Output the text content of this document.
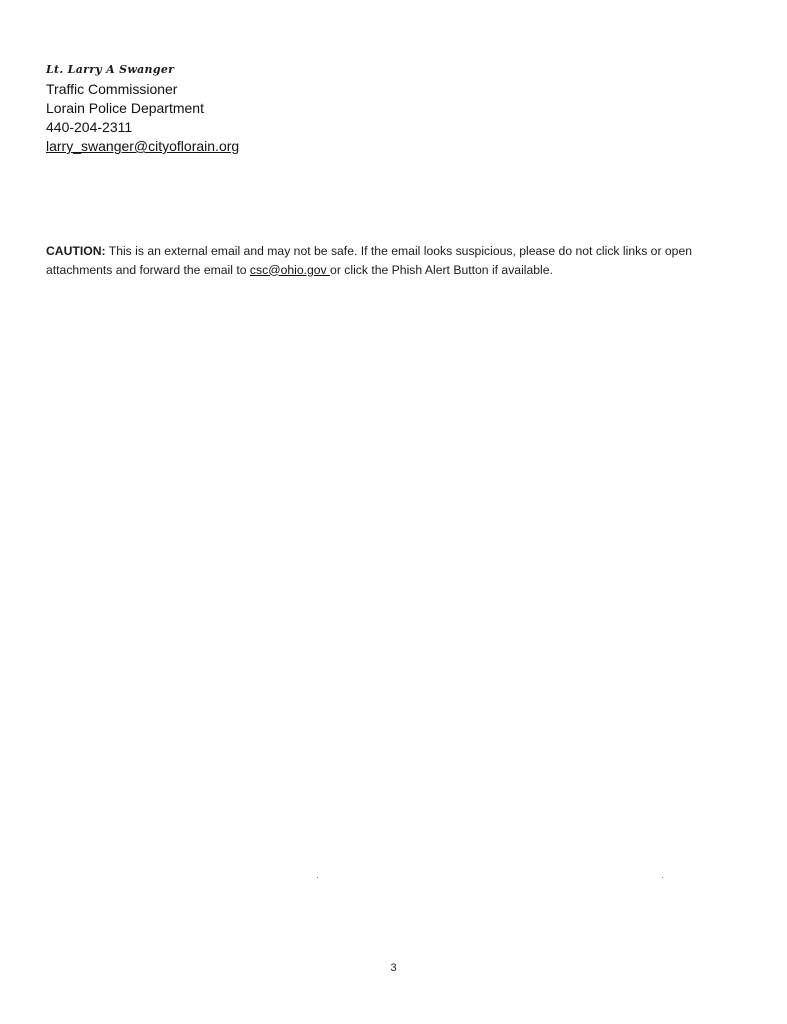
Lt. Larry A Swanger
Traffic Commissioner
Lorain Police Department
440-204-2311
larry_swanger@cityoflorain.org
CAUTION: This is an external email and may not be safe. If the email looks suspicious, please do not click links or open attachments and forward the email to csc@ohio.gov or click the Phish Alert Button if available.
3
